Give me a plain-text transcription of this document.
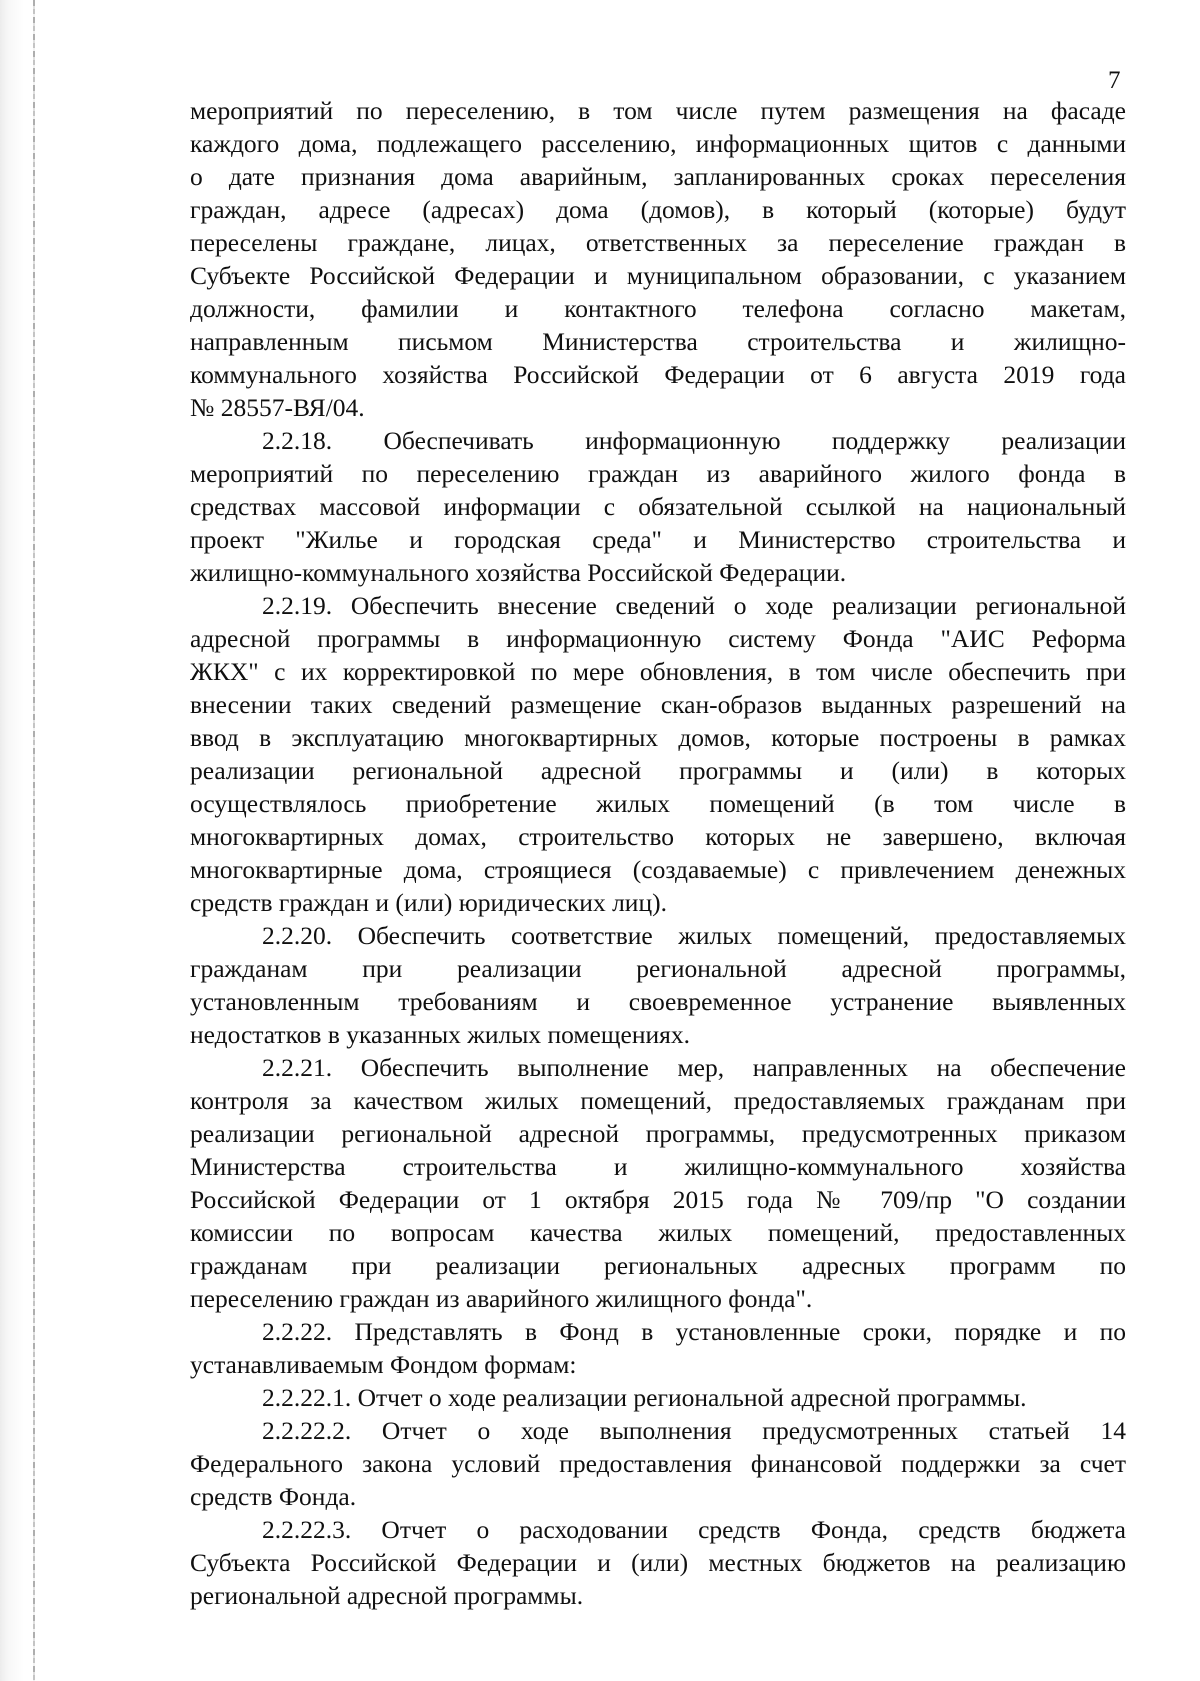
7
мероприятий по переселению, в том числе путем размещения на фасаде
каждого дома, подлежащего расселению, информационных щитов с данными
о дате признания дома аварийным, запланированных сроках переселения
граждан, адресе (адресах) дома (домов), в который (которые) будут
переселены граждане, лицах, ответственных за переселение граждан в
Субъекте Российской Федерации и муниципальном образовании, с указанием
должности, фамилии и контактного телефона согласно макетам,
направленным письмом Министерства строительства и жилищно-
коммунального хозяйства Российской Федерации от 6 августа 2019 года
№ 28557-ВЯ/04.
2.2.18. Обеспечивать информационную поддержку реализации
мероприятий по переселению граждан из аварийного жилого фонда в
средствах массовой информации с обязательной ссылкой на национальный
проект "Жилье и городская среда" и Министерство строительства и
жилищно-коммунального хозяйства Российской Федерации.
2.2.19. Обеспечить внесение сведений о ходе реализации региональной
адресной программы в информационную систему Фонда "АИС Реформа
ЖКХ" с их корректировкой по мере обновления, в том числе обеспечить при
внесении таких сведений размещение скан-образов выданных разрешений на
ввод в эксплуатацию многоквартирных домов, которые построены в рамках
реализации региональной адресной программы и (или) в которых
осуществлялось приобретение жилых помещений (в том числе в
многоквартирных домах, строительство которых не завершено, включая
многоквартирные дома, строящиеся (создаваемые) с привлечением денежных
средств граждан и (или) юридических лиц).
2.2.20. Обеспечить соответствие жилых помещений, предоставляемых
гражданам при реализации региональной адресной программы,
установленным требованиям и своевременное устранение выявленных
недостатков в указанных жилых помещениях.
2.2.21. Обеспечить выполнение мер, направленных на обеспечение
контроля за качеством жилых помещений, предоставляемых гражданам при
реализации региональной адресной программы, предусмотренных приказом
Министерства строительства и жилищно-коммунального хозяйства
Российской Федерации от 1 октября 2015 года № 709/пр "О создании
комиссии по вопросам качества жилых помещений, предоставленных
гражданам при реализации региональных адресных программ по
переселению граждан из аварийного жилищного фонда".
2.2.22. Представлять в Фонд в установленные сроки, порядке и по
устанавливаемым Фондом формам:
2.2.22.1. Отчет о ходе реализации региональной адресной программы.
2.2.22.2. Отчет о ходе выполнения предусмотренных статьей 14
Федерального закона условий предоставления финансовой поддержки за счет
средств Фонда.
2.2.22.3. Отчет о расходовании средств Фонда, средств бюджета
Субъекта Российской Федерации и (или) местных бюджетов на реализацию
региональной адресной программы.
